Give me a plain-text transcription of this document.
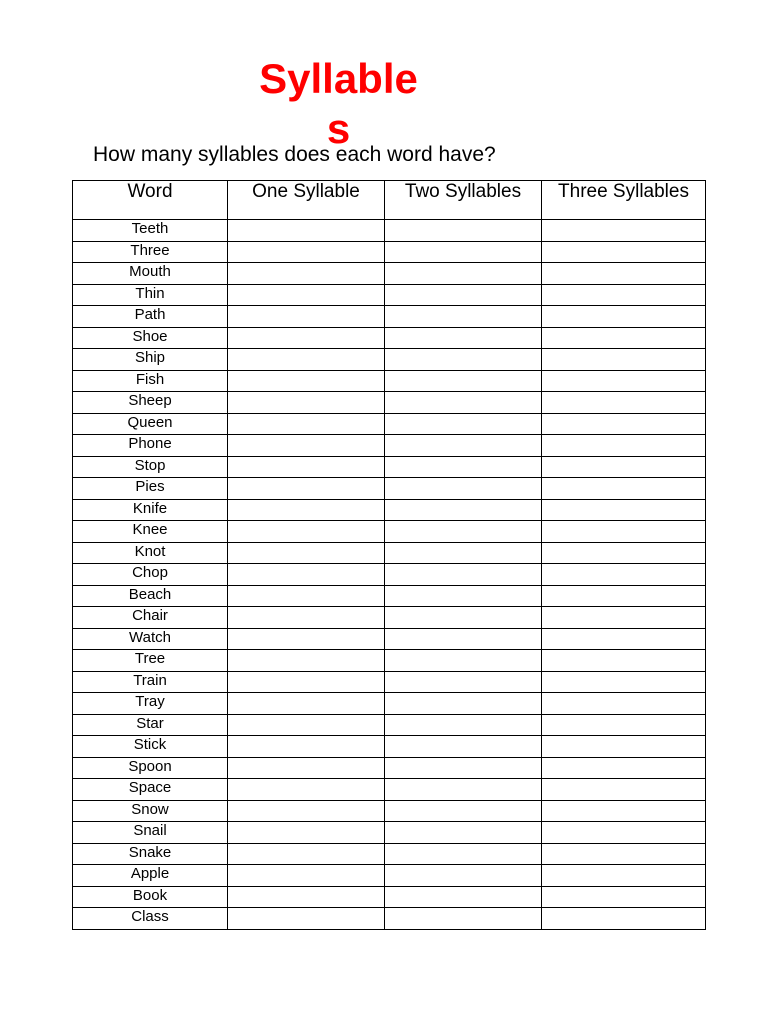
Syllables

How many syllables does each word have?

Word	One Syllable	Two Syllables	Three Syllables
Teeth			
Three			
Mouth			
Thin			
Path			
Shoe			
Ship			
Fish			
Sheep			
Queen			
Phone			
Stop			
Pies			
Knife			
Knee			
Knot			
Chop			
Beach			
Chair			
Watch			
Tree			
Train			
Tray			
Star			
Stick			
Spoon			
Space			
Snow			
Snail			
Snake			
Apple			
Book			
Class			
